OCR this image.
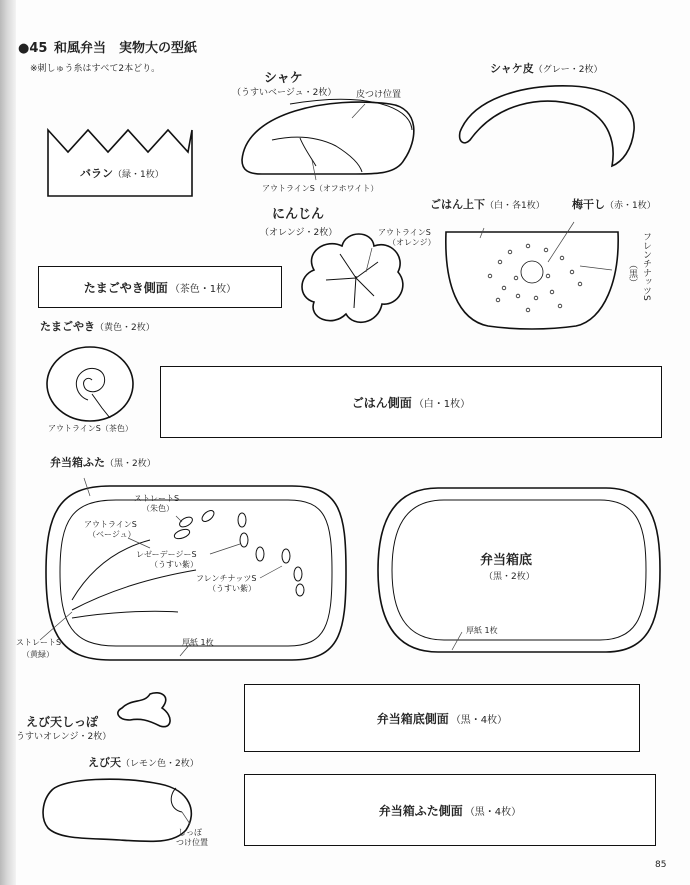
●45 和風弁当　実物大の型紙
※刺しゅう糸はすべて2本どり。
バラン（緑・1枚）
シャケ
（うすいベージュ・2枚） 皮つけ位置
アウトラインS（オフホワイト）
シャケ皮（グレー・2枚）
にんじん
（オレンジ・2枚）	アウトラインS
（オレンジ）
ごはん上下（白・各1枚） 梅干し（赤・1枚）
フレンチナッツS
（黒）
たまごやき側面 （茶色・1枚）
たまごやき（黄色・2枚）
アウトラインS（茶色）
ごはん側面 （白・1枚）
弁当箱ふた（黒・2枚）
ストレートS
（朱色）
アウトラインS
（ベージュ）
レゼーデージーS
（うすい紫）
フレンチナッツS
（うすい紫）
ストレートS
（黄緑）
厚紙 1枚
弁当箱底
（黒・2枚）
厚紙 1枚
えび天しっぽ
うすいオレンジ・2枚）
弁当箱底側面 （黒・4枚）
えび天（レモン色・2枚）
しっぽ
つけ位置
弁当箱ふた側面 （黒・4枚）
85
